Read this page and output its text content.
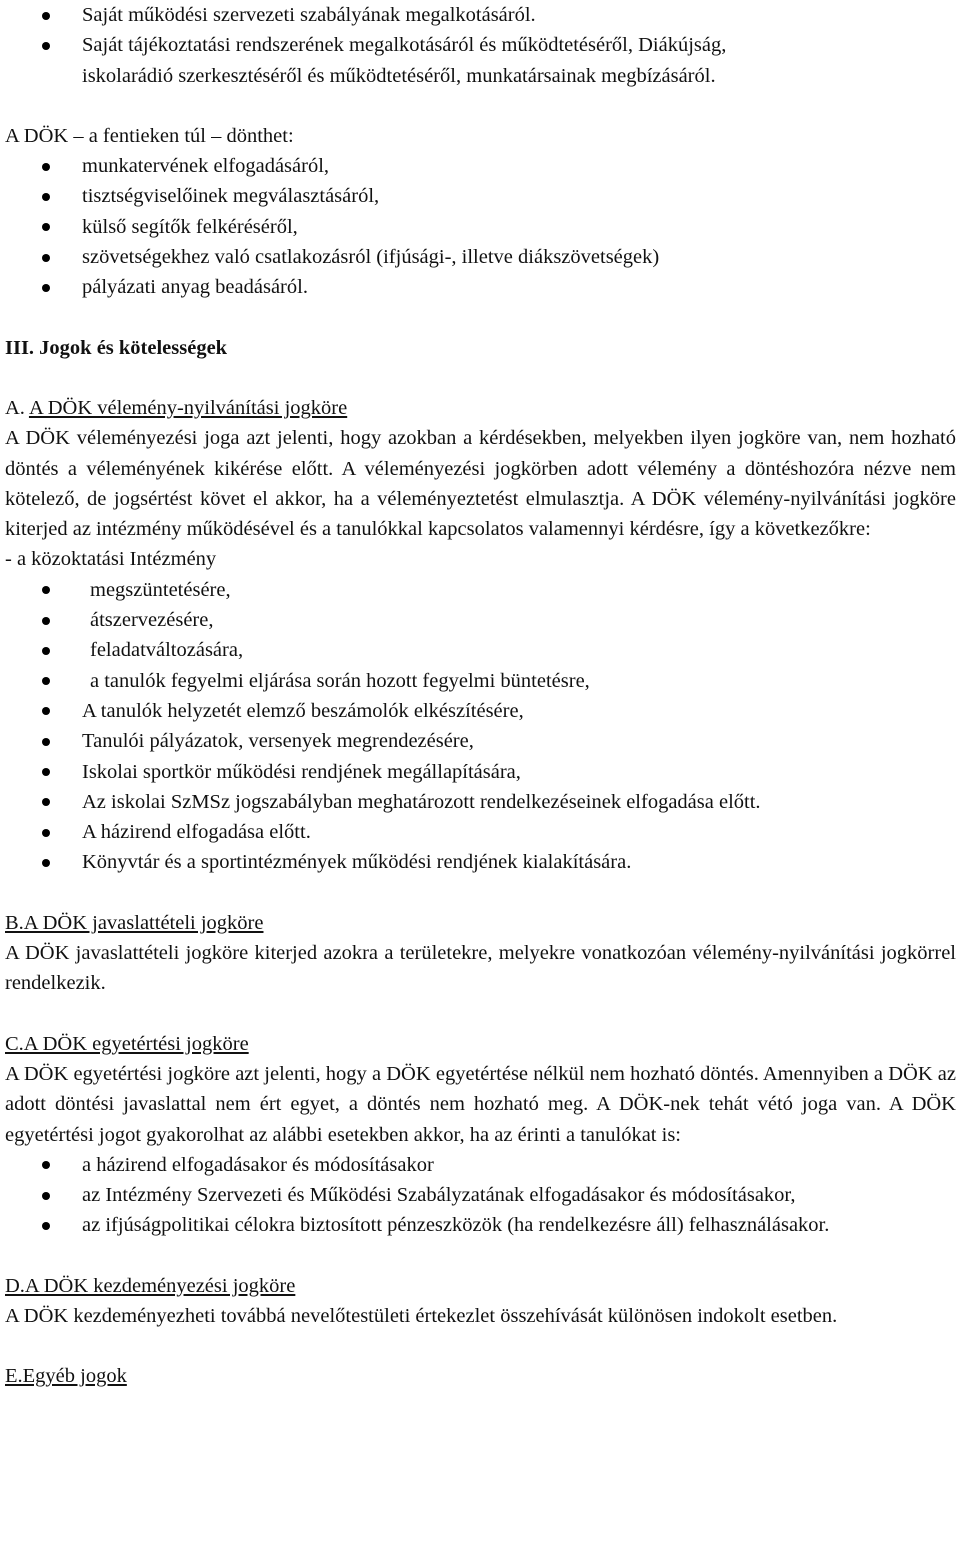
Saját működési szervezeti szabályának megalkotásáról.
Saját tájékoztatási rendszerének megalkotásáról és működtetéséről, Diákújság, iskolarádió szerkesztéséről és működtetéséről, munkatársainak megbízásáról.

A DÖK – a fentieken túl – dönthet:

munkatervének elfogadásáról,
tisztségviselőinek megválasztásáról,
külső segítők felkéréséről,
szövetségekhez való csatlakozásról (ifjúsági-, illetve diákszövetségek)
pályázati anyag beadásáról.

III. Jogok és kötelességek

A. A DÖK vélemény-nyilvánítási jogköre

A DÖK véleményezési joga azt jelenti, hogy azokban a kérdésekben, melyekben ilyen jogköre van, nem hozható döntés a véleményének kikérése előtt. A véleményezési jogkörben adott vélemény a döntéshozóra nézve nem kötelező, de jogsértést követ el akkor, ha a véleményeztetést elmulasztja. A DÖK vélemény-nyilvánítási jogköre kiterjed az intézmény működésével és a tanulókkal kapcsolatos valamennyi kérdésre, így a következőkre:

- a közoktatási Intézmény

megszüntetésére,
átszervezésére,
feladatváltozására,
a tanulók fegyelmi eljárása során hozott fegyelmi büntetésre,
A tanulók helyzetét elemző beszámolók elkészítésére,
Tanulói pályázatok, versenyek megrendezésére,
Iskolai sportkör működési rendjének megállapítására,
Az iskolai SzMSz jogszabályban meghatározott rendelkezéseinek elfogadása előtt.
A házirend elfogadása előtt.
Könyvtár és a sportintézmények működési rendjének kialakítására.

B.A DÖK javaslattételi jogköre

A DÖK javaslattételi jogköre kiterjed azokra a területekre, melyekre vonatkozóan vélemény-nyilvánítási jogkörrel rendelkezik.

C.A DÖK egyetértési jogköre

A DÖK egyetértési jogköre azt jelenti, hogy a DÖK egyetértése nélkül nem hozható döntés. Amennyiben a DÖK az adott döntési javaslattal nem ért egyet, a döntés nem hozható meg. A DÖK-nek tehát vétó joga van. A DÖK egyetértési jogot gyakorolhat az alábbi esetekben akkor, ha az érinti a tanulókat is:

a házirend elfogadásakor és módosításakor
az Intézmény Szervezeti és Működési Szabályzatának elfogadásakor és módosításakor,
az ifjúságpolitikai célokra biztosított pénzeszközök (ha rendelkezésre áll) felhasználásakor.

D.A DÖK kezdeményezési jogköre

A DÖK kezdeményezheti továbbá nevelőtestületi értekezlet összehívását különösen indokolt esetben.

E.Egyéb jogok
